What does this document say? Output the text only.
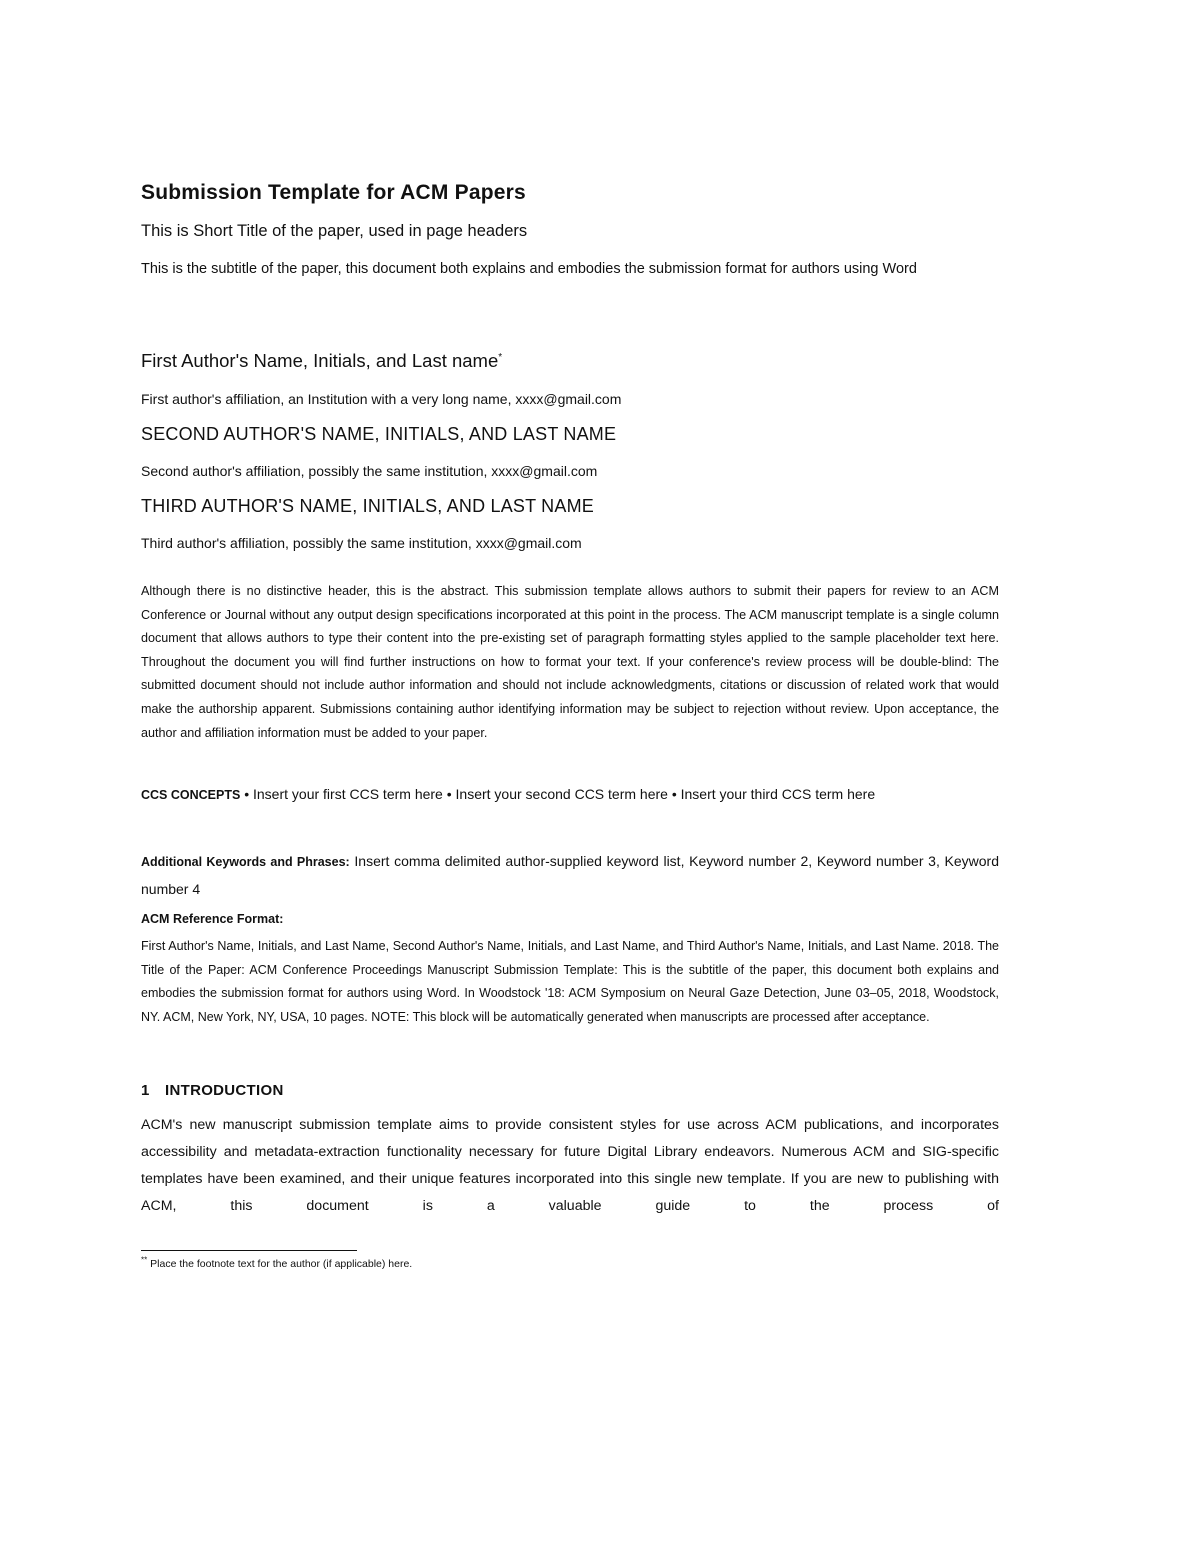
Submission Template for ACM Papers
This is Short Title of the paper, used in page headers
This is the subtitle of the paper, this document both explains and embodies the submission format for authors using Word
First Author's Name, Initials, and Last name*
First author's affiliation, an Institution with a very long name, xxxx@gmail.com
SECOND AUTHOR'S NAME, INITIALS, AND LAST NAME
Second author's affiliation, possibly the same institution, xxxx@gmail.com
THIRD AUTHOR'S NAME, INITIALS, AND LAST NAME
Third author's affiliation, possibly the same institution, xxxx@gmail.com
Although there is no distinctive header, this is the abstract. This submission template allows authors to submit their papers for review to an ACM Conference or Journal without any output design specifications incorporated at this point in the process. The ACM manuscript template is a single column document that allows authors to type their content into the pre-existing set of paragraph formatting styles applied to the sample placeholder text here. Throughout the document you will find further instructions on how to format your text. If your conference's review process will be double-blind: The submitted document should not include author information and should not include acknowledgments, citations or discussion of related work that would make the authorship apparent. Submissions containing author identifying information may be subject to rejection without review. Upon acceptance, the author and affiliation information must be added to your paper.
CCS CONCEPTS • Insert your first CCS term here • Insert your second CCS term here • Insert your third CCS term here
Additional Keywords and Phrases: Insert comma delimited author-supplied keyword list, Keyword number 2, Keyword number 3, Keyword number 4
ACM Reference Format:
First Author's Name, Initials, and Last Name, Second Author's Name, Initials, and Last Name, and Third Author's Name, Initials, and Last Name. 2018. The Title of the Paper: ACM Conference Proceedings Manuscript Submission Template: This is the subtitle of the paper, this document both explains and embodies the submission format for authors using Word. In Woodstock '18: ACM Symposium on Neural Gaze Detection, June 03–05, 2018, Woodstock, NY. ACM, New York, NY, USA, 10 pages. NOTE: This block will be automatically generated when manuscripts are processed after acceptance.
1 INTRODUCTION
ACM's new manuscript submission template aims to provide consistent styles for use across ACM publications, and incorporates accessibility and metadata-extraction functionality necessary for future Digital Library endeavors. Numerous ACM and SIG-specific templates have been examined, and their unique features incorporated into this single new template. If you are new to publishing with ACM, this document is a valuable guide to the process of
** Place the footnote text for the author (if applicable) here.
